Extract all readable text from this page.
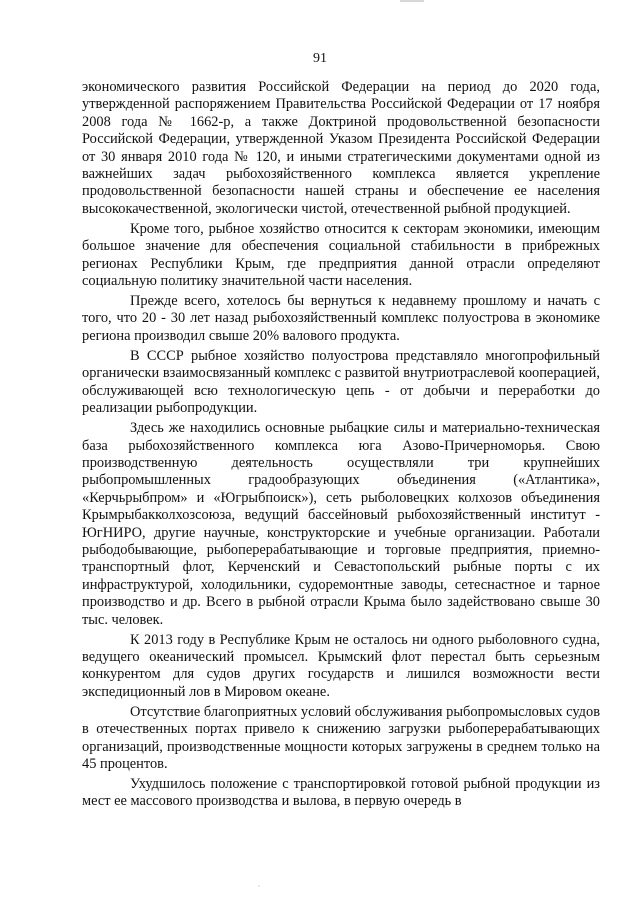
91

экономического развития Российской Федерации на период до 2020 года, утвержденной распоряжением Правительства Российской Федерации от 17 ноября 2008 года № 1662-р, а также Доктриной продовольственной безопасности Российской Федерации, утвержденной Указом Президента Российской Федерации от 30 января 2010 года № 120, и иными стратегическими документами одной из важнейших задач рыбохозяйственного комплекса является укрепление продовольственной безопасности нашей страны и обеспечение ее населения высококачественной, экологически чистой, отечественной рыбной продукцией.

Кроме того, рыбное хозяйство относится к секторам экономики, имеющим большое значение для обеспечения социальной стабильности в прибрежных регионах Республики Крым, где предприятия данной отрасли определяют социальную политику значительной части населения.

Прежде всего, хотелось бы вернуться к недавнему прошлому и начать с того, что 20 - 30 лет назад рыбохозяйственный комплекс полуострова в экономике региона производил свыше 20% валового продукта.

В СССР рыбное хозяйство полуострова представляло многопрофильный органически взаимосвязанный комплекс с развитой внутриотраслевой кооперацией, обслуживающей всю технологическую цепь - от добычи и переработки до реализации рыбопродукции.

Здесь же находились основные рыбацкие силы и материально-техническая база рыбохозяйственного комплекса юга Азово-Причерноморья. Свою производственную деятельность осуществляли три крупнейших рыбопромышленных градообразующих объединения («Атлантика», «Керчьрыбпром» и «Югрыбпоиск»), сеть рыболовецких колхозов объединения Крымрыбакколхозсоюза, ведущий бассейновый рыбохозяйственный институт - ЮгНИРО, другие научные, конструкторские и учебные организации. Работали рыбодобывающие, рыбоперерабатывающие и торговые предприятия, приемно-транспортный флот, Керченский и Севастопольский рыбные порты с их инфраструктурой, холодильники, судоремонтные заводы, сетеснастное и тарное производство и др. Всего в рыбной отрасли Крыма было задействовано свыше 30 тыс. человек.

К 2013 году в Республике Крым не осталось ни одного рыболовного судна, ведущего океанический промысел. Крымский флот перестал быть серьезным конкурентом для судов других государств и лишился возможности вести экспедиционный лов в Мировом океане.

Отсутствие благоприятных условий обслуживания рыбопромысловых судов в отечественных портах привело к снижению загрузки рыбоперерабатывающих организаций, производственные мощности которых загружены в среднем только на 45 процентов.

Ухудшилось положение с транспортировкой готовой рыбной продукции из мест ее массового производства и вылова, в первую очередь в
